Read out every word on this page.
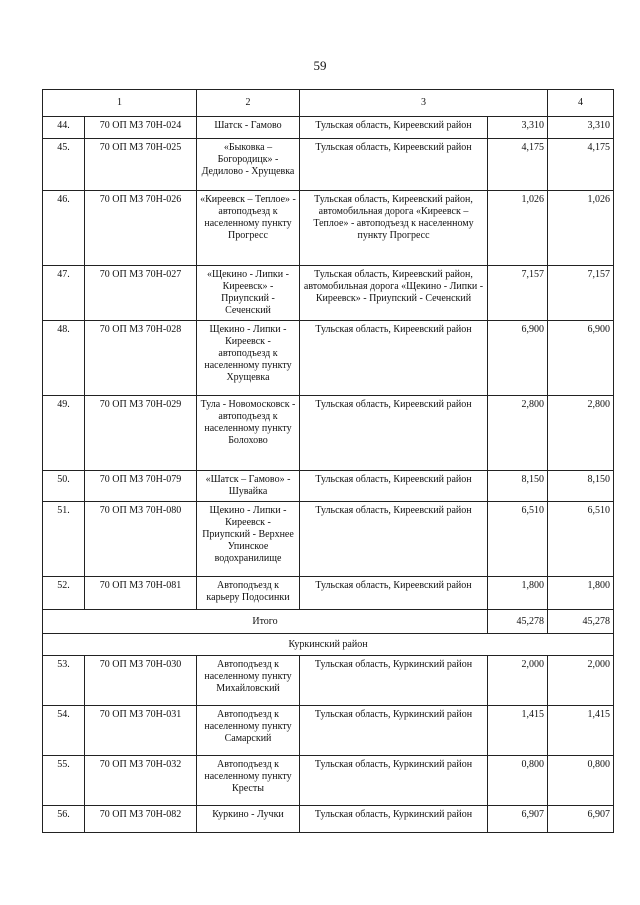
59
1		2	3		4
44.	70 ОП МЗ 70Н-024	Шатск - Гамово	Тульская область, Киреевский район	3,310	3,310
45.	70 ОП МЗ 70Н-025	«Быковка – Богородицк» - Дедилово - Хрущевка	Тульская область, Киреевский район	4,175	4,175
46.	70 ОП МЗ 70Н-026	«Киреевск – Теплое» - автоподъезд к населенному пункту Прогресс	Тульская область, Киреевский район, автомобильная дорога «Киреевск – Теплое» - автоподъезд к населенному пункту Прогресс	1,026	1,026
47.	70 ОП МЗ 70Н-027	«Щекино - Липки - Киреевск» - Приупский - Сеченский	Тульская область, Киреевский район, автомобильная дорога «Щекино - Липки - Киреевск» - Приупский - Сеченский	7,157	7,157
48.	70 ОП МЗ 70Н-028	Щекино - Липки - Киреевск - автоподъезд к населенному пункту Хрущевка	Тульская область, Киреевский район	6,900	6,900
49.	70 ОП МЗ 70Н-029	Тула - Новомосковск - автоподъезд к населенному пункту Болохово	Тульская область, Киреевский район	2,800	2,800
50.	70 ОП МЗ 70Н-079	«Шатск – Гамово» - Шувайка	Тульская область, Киреевский район	8,150	8,150
51.	70 ОП МЗ 70Н-080	Щекино - Липки - Киреевск - Приупский - Верхнее Упинское водохранилище	Тульская область, Киреевский район	6,510	6,510
52.	70 ОП МЗ 70Н-081	Автоподъезд к карьеру Подосинки	Тульская область, Киреевский район	1,800	1,800
Итого				45,278	45,278
Куркинский район					
53.	70 ОП МЗ 70Н-030	Автоподъезд к населенному пункту Михайловский	Тульская область, Куркинский район	2,000	2,000
54.	70 ОП МЗ 70Н-031	Автоподъезд к населенному пункту Самарский	Тульская область, Куркинский район	1,415	1,415
55.	70 ОП МЗ 70Н-032	Автоподъезд к населенному пункту Кресты	Тульская область, Куркинский район	0,800	0,800
56.	70 ОП МЗ 70Н-082	Куркино - Лучки	Тульская область, Куркинский район	6,907	6,907
